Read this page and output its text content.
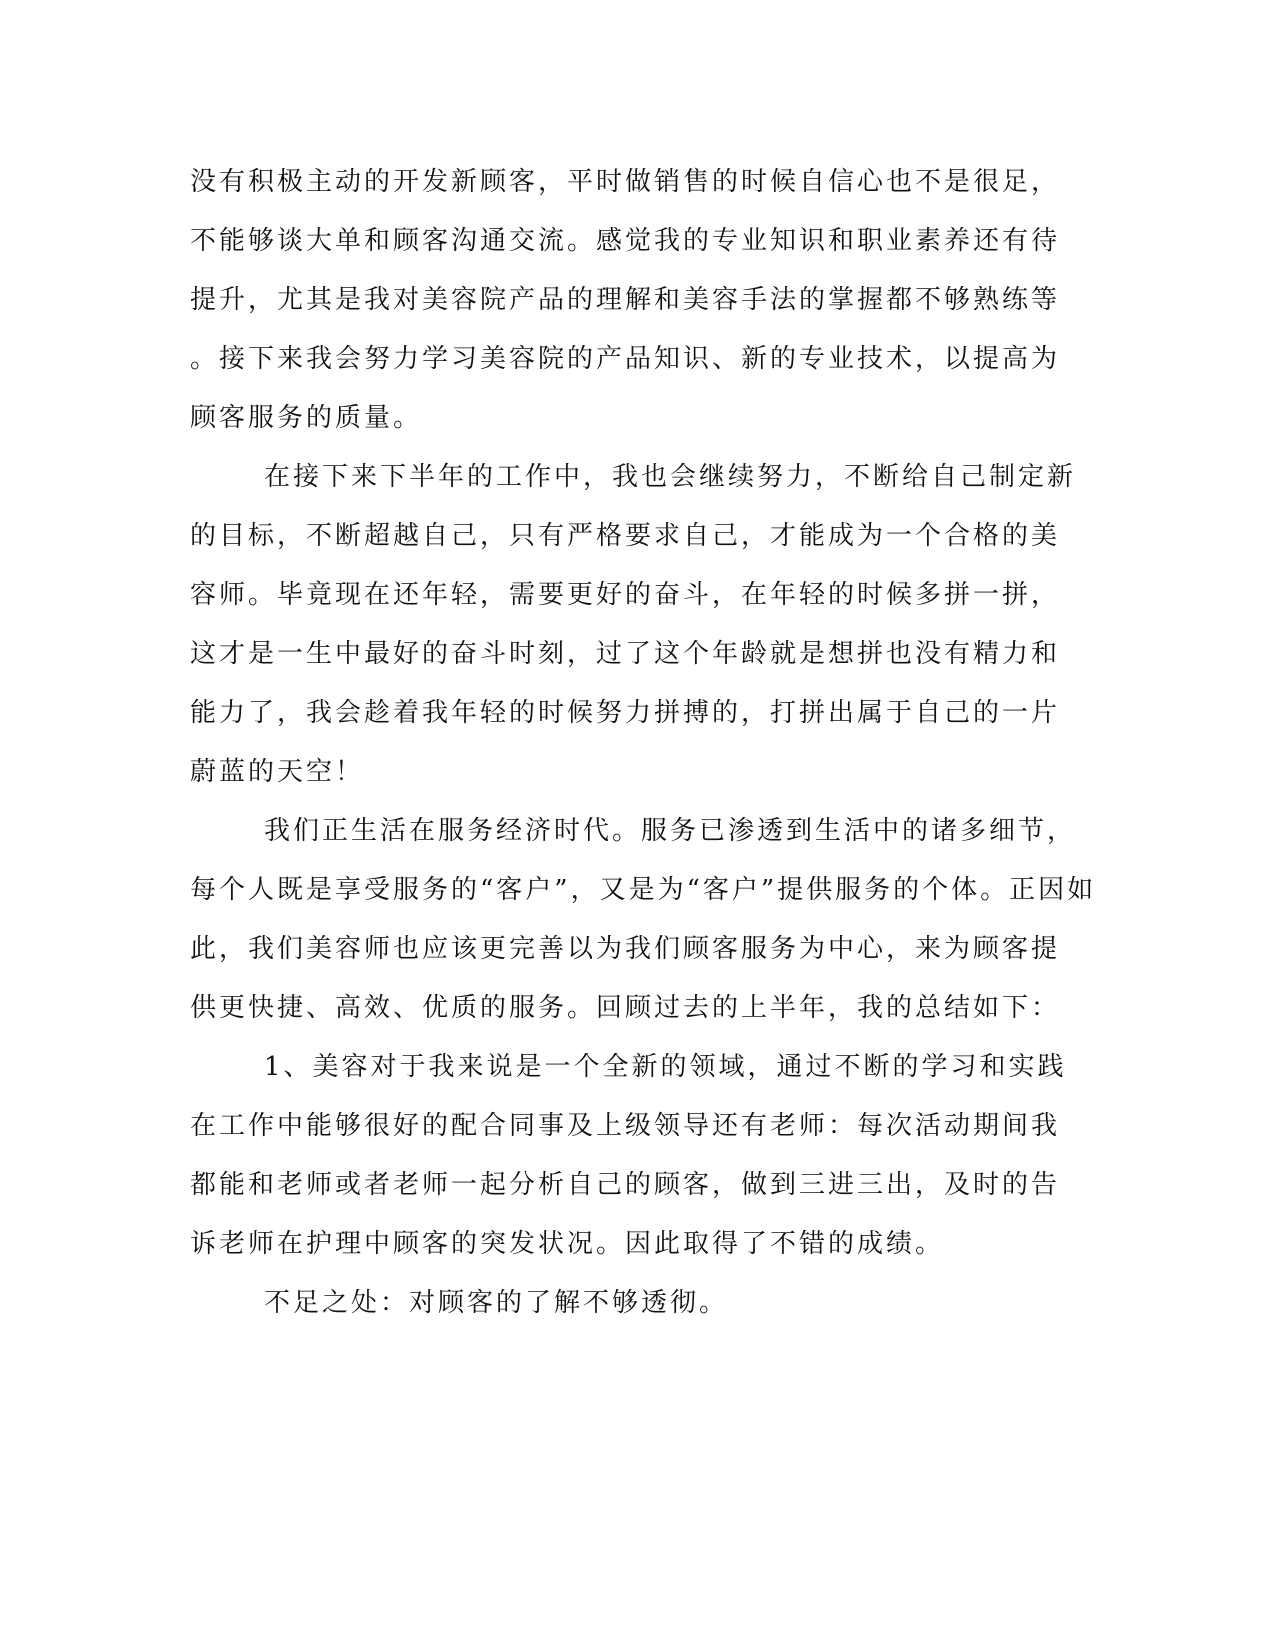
没有积极主动的开发新顾客，平时做销售的时候自信心也不是很足，
不能够谈大单和顾客沟通交流。感觉我的专业知识和职业素养还有待
提升，尤其是我对美容院产品的理解和美容手法的掌握都不够熟练等
。接下来我会努力学习美容院的产品知识、新的专业技术，以提高为
顾客服务的质量。
在接下来下半年的工作中，我也会继续努力，不断给自己制定新
的目标，不断超越自己，只有严格要求自己，才能成为一个合格的美
容师。毕竟现在还年轻，需要更好的奋斗，在年轻的时候多拼一拼，
这才是一生中最好的奋斗时刻，过了这个年龄就是想拼也没有精力和
能力了，我会趁着我年轻的时候努力拼搏的，打拼出属于自己的一片
蔚蓝的天空！
我们正生活在服务经济时代。服务已渗透到生活中的诸多细节，
每个人既是享受服务的“客户”，又是为“客户”提供服务的个体。正因如
此，我们美容师也应该更完善以为我们顾客服务为中心，来为顾客提
供更快捷、高效、优质的服务。回顾过去的上半年，我的总结如下：
1、美容对于我来说是一个全新的领域，通过不断的学习和实践
在工作中能够很好的配合同事及上级领导还有老师：每次活动期间我
都能和老师或者老师一起分析自己的顾客，做到三进三出，及时的告
诉老师在护理中顾客的突发状况。因此取得了不错的成绩。
不足之处：对顾客的了解不够透彻。
